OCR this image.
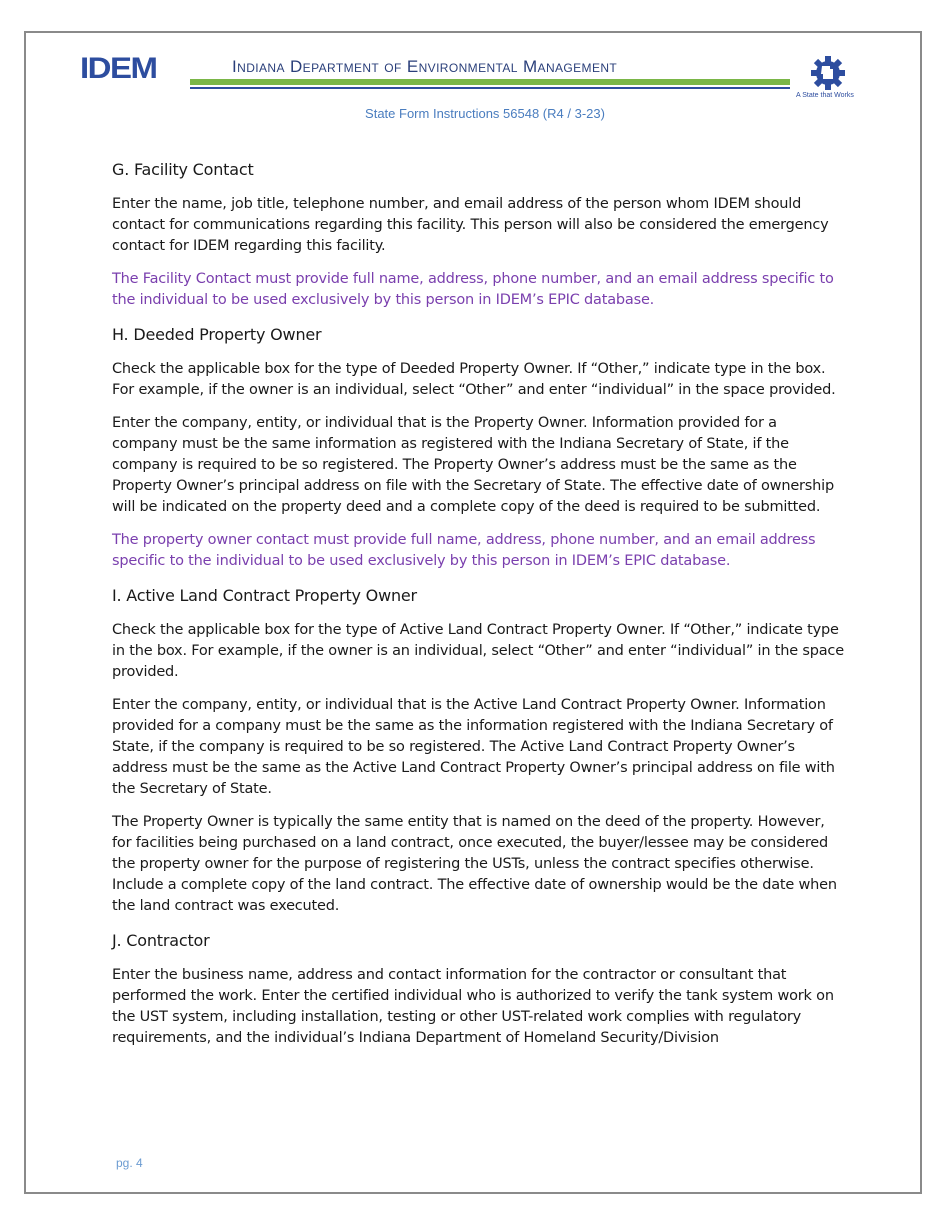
IDEM	Indiana Department of Environmental Management
A State that Works
State Form Instructions 56548 (R4 / 3-23)
G. Facility Contact

Enter the name, job title, telephone number, and email address of the person whom IDEM should contact for communications regarding this facility. This person will also be considered the emergency contact for IDEM regarding this facility.

The Facility Contact must provide full name, address, phone number, and an email address specific to the individual to be used exclusively by this person in IDEM’s EPIC database.

H. Deeded Property Owner

Check the applicable box for the type of Deeded Property Owner. If “Other,” indicate type in the box. For example, if the owner is an individual, select “Other” and enter “individual” in the space provided.

Enter the company, entity, or individual that is the Property Owner. Information provided for a company must be the same information as registered with the Indiana Secretary of State, if the company is required to be so registered. The Property Owner’s address must be the same as the Property Owner’s principal address on file with the Secretary of State. The effective date of ownership will be indicated on the property deed and a complete copy of the deed is required to be submitted.

The property owner contact must provide full name, address, phone number, and an email address specific to the individual to be used exclusively by this person in IDEM’s EPIC database.

I. Active Land Contract Property Owner

Check the applicable box for the type of Active Land Contract Property Owner. If “Other,” indicate type in the box. For example, if the owner is an individual, select “Other” and enter “individual” in the space provided.

Enter the company, entity, or individual that is the Active Land Contract Property Owner. Information provided for a company must be the same as the information registered with the Indiana Secretary of State, if the company is required to be so registered. The Active Land Contract Property Owner’s address must be the same as the Active Land Contract Property Owner’s principal address on file with the Secretary of State.

The Property Owner is typically the same entity that is named on the deed of the property. However, for facilities being purchased on a land contract, once executed, the buyer/lessee may be considered the property owner for the purpose of registering the USTs, unless the contract specifies otherwise. Include a complete copy of the land contract. The effective date of ownership would be the date when the land contract was executed.

J. Contractor

Enter the business name, address and contact information for the contractor or consultant that performed the work. Enter the certified individual who is authorized to verify the tank system work on the UST system, including installation, testing or other UST-related work complies with regulatory requirements, and the individual’s Indiana Department of Homeland Security/Division

pg. 4
